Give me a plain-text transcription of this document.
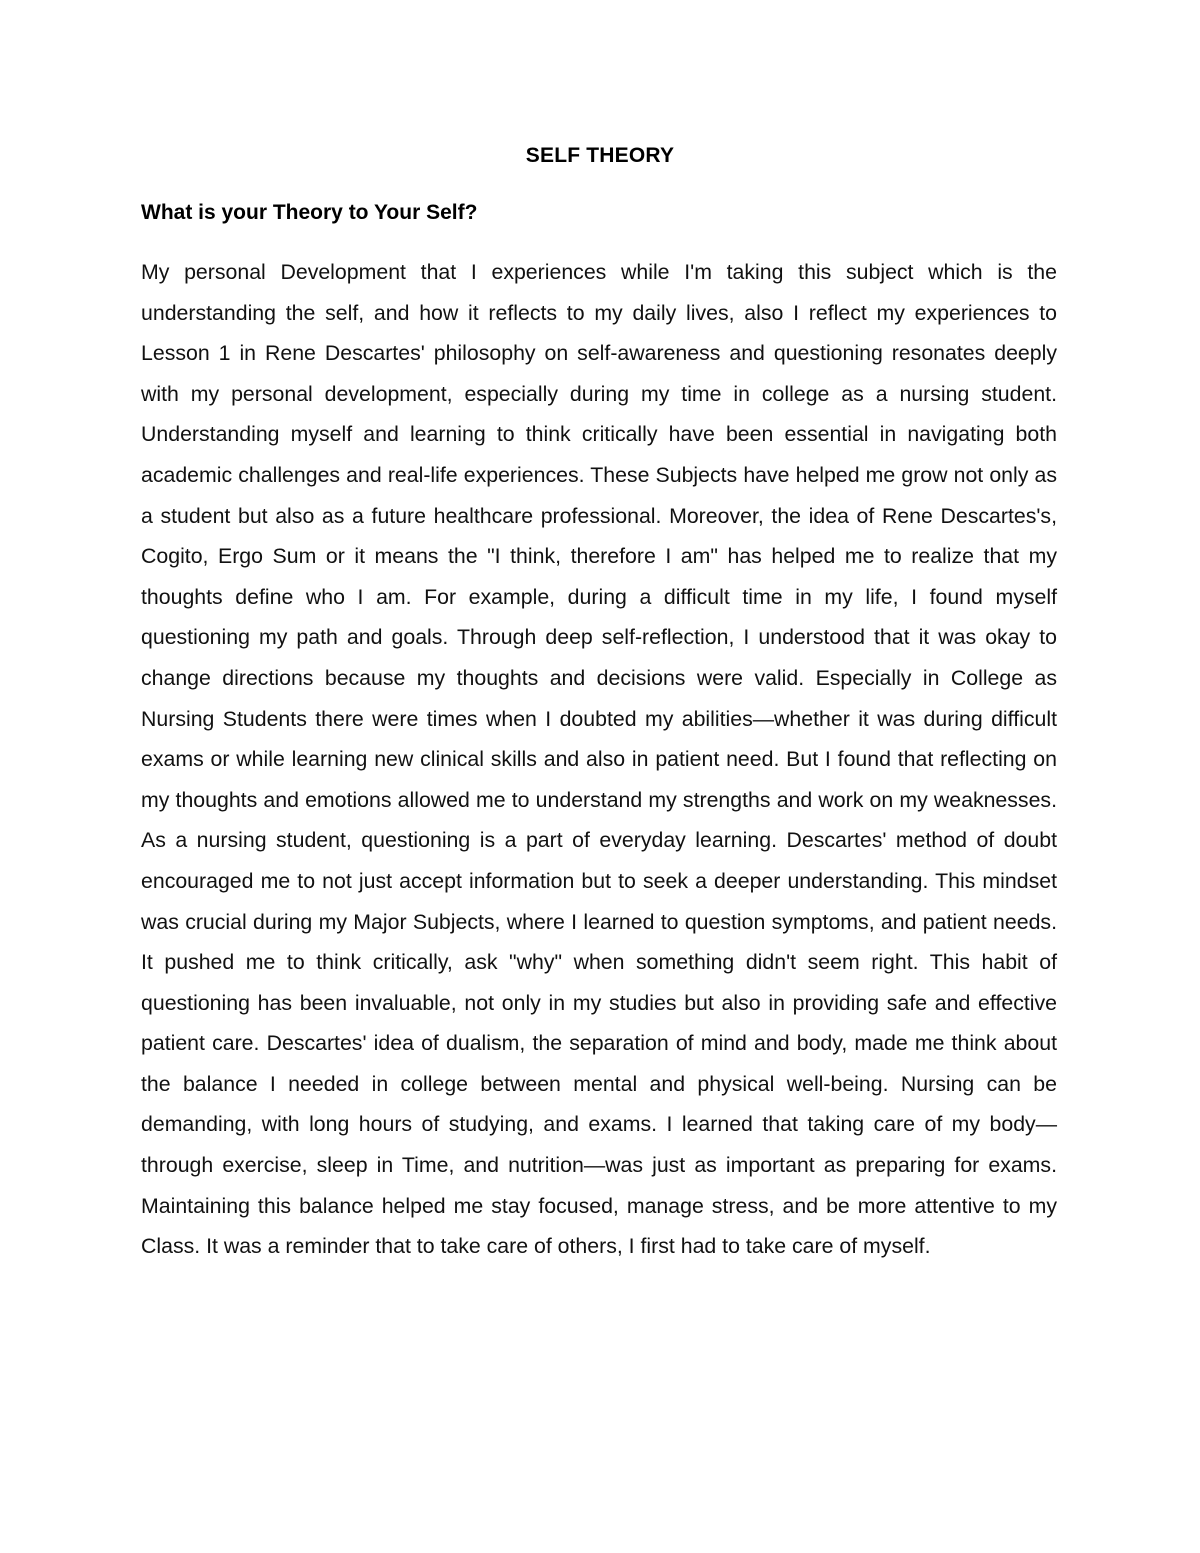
SELF THEORY
What is your Theory to Your Self?

My personal Development that I experiences while I'm taking this subject which is the understanding the self, and how it reflects to my daily lives, also I reflect my experiences to Lesson 1 in Rene Descartes' philosophy on self-awareness and questioning resonates deeply with my personal development, especially during my time in college as a nursing student. Understanding myself and learning to think critically have been essential in navigating both academic challenges and real-life experiences. These Subjects have helped me grow not only as a student but also as a future healthcare professional. Moreover, the idea of Rene Descartes's, Cogito, Ergo Sum or it means the "I think, therefore I am" has helped me to realize that my thoughts define who I am. For example, during a difficult time in my life, I found myself questioning my path and goals. Through deep self-reflection, I understood that it was okay to change directions because my thoughts and decisions were valid. Especially in College as Nursing Students there were times when I doubted my abilities—whether it was during difficult exams or while learning new clinical skills and also in patient need. But I found that reflecting on my thoughts and emotions allowed me to understand my strengths and work on my weaknesses. As a nursing student, questioning is a part of everyday learning. Descartes' method of doubt encouraged me to not just accept information but to seek a deeper understanding. This mindset was crucial during my Major Subjects, where I learned to question symptoms, and patient needs. It pushed me to think critically, ask "why" when something didn't seem right. This habit of questioning has been invaluable, not only in my studies but also in providing safe and effective patient care. Descartes' idea of dualism, the separation of mind and body, made me think about the balance I needed in college between mental and physical well-being. Nursing can be demanding, with long hours of studying, and exams. I learned that taking care of my body—through exercise, sleep in Time, and nutrition—was just as important as preparing for exams. Maintaining this balance helped me stay focused, manage stress, and be more attentive to my Class. It was a reminder that to take care of others, I first had to take care of myself.
